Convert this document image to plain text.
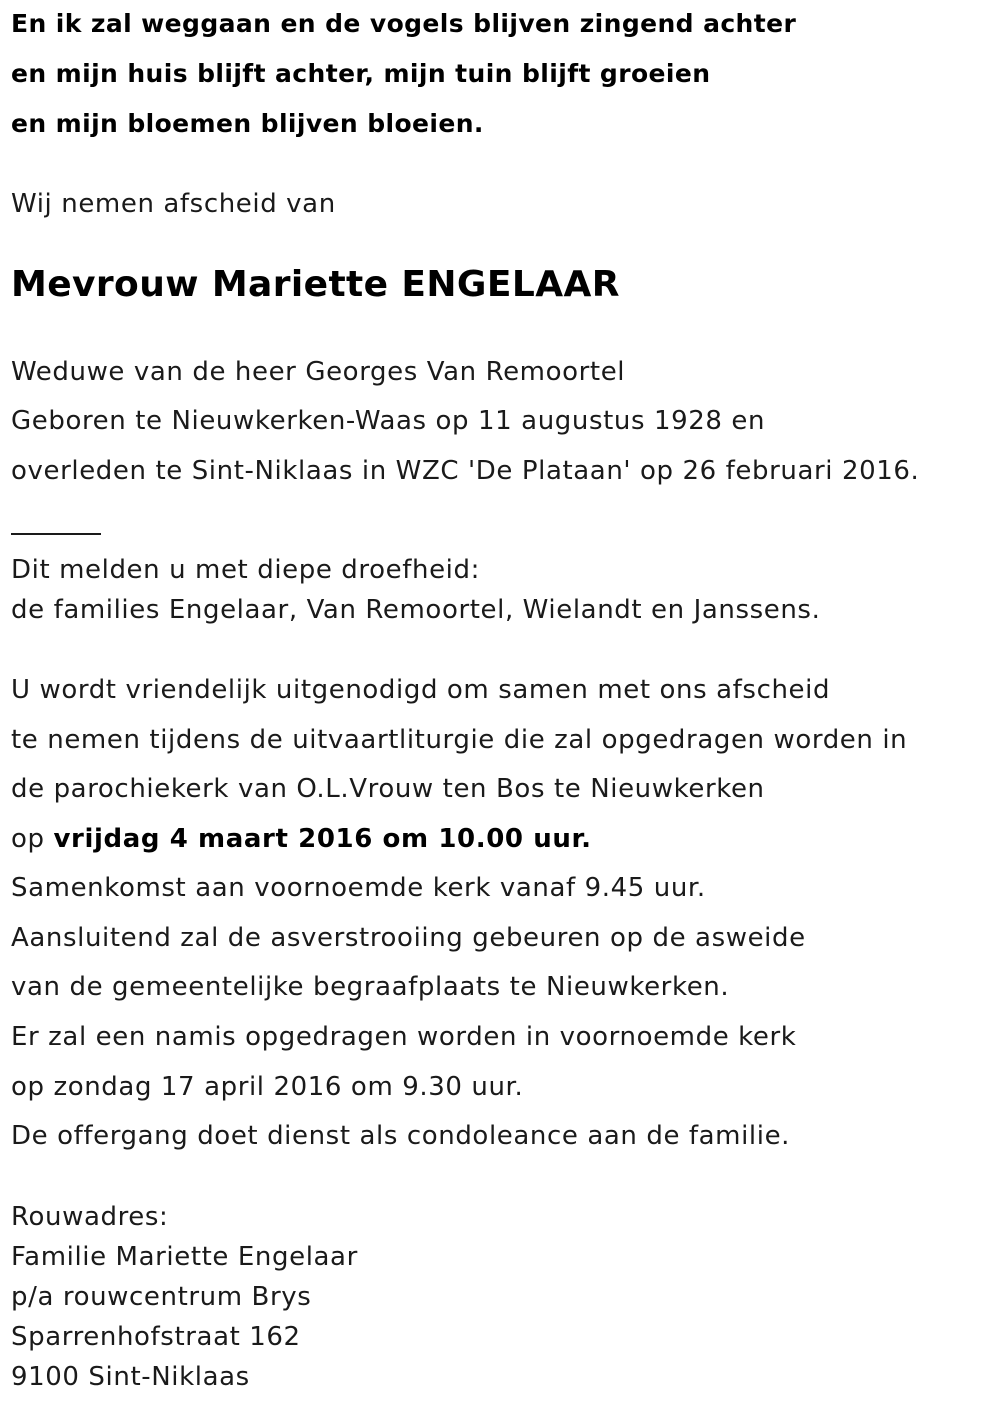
En ik zal weggaan en de vogels blijven zingend achter
en mijn huis blijft achter, mijn tuin blijft groeien
en mijn bloemen blijven bloeien.
Wij nemen afscheid van
Mevrouw Mariette ENGELAAR
Weduwe van de heer Georges Van Remoortel
Geboren te Nieuwkerken-Waas op 11 augustus 1928 en
overleden te Sint-Niklaas in WZC 'De Plataan' op 26 februari 2016.
Dit melden u met diepe droefheid:
de families Engelaar, Van Remoortel, Wielandt en Janssens.
U wordt vriendelijk uitgenodigd om samen met ons afscheid
te nemen tijdens de uitvaartliturgie die zal opgedragen worden in
de parochiekerk van O.L.Vrouw ten Bos te Nieuwkerken
op vrijdag 4 maart 2016 om 10.00 uur.
Samenkomst aan voornoemde kerk vanaf 9.45 uur.
Aansluitend zal de asverstrooiing gebeuren op de asweide
van de gemeentelijke begraafplaats te Nieuwkerken.
Er zal een namis opgedragen worden in voornoemde kerk
op zondag 17 april 2016 om 9.30 uur.
De offergang doet dienst als condoleance aan de familie.
Rouwadres:
Familie Mariette Engelaar
p/a rouwcentrum Brys
Sparrenhofstraat 162
9100 Sint-Niklaas
